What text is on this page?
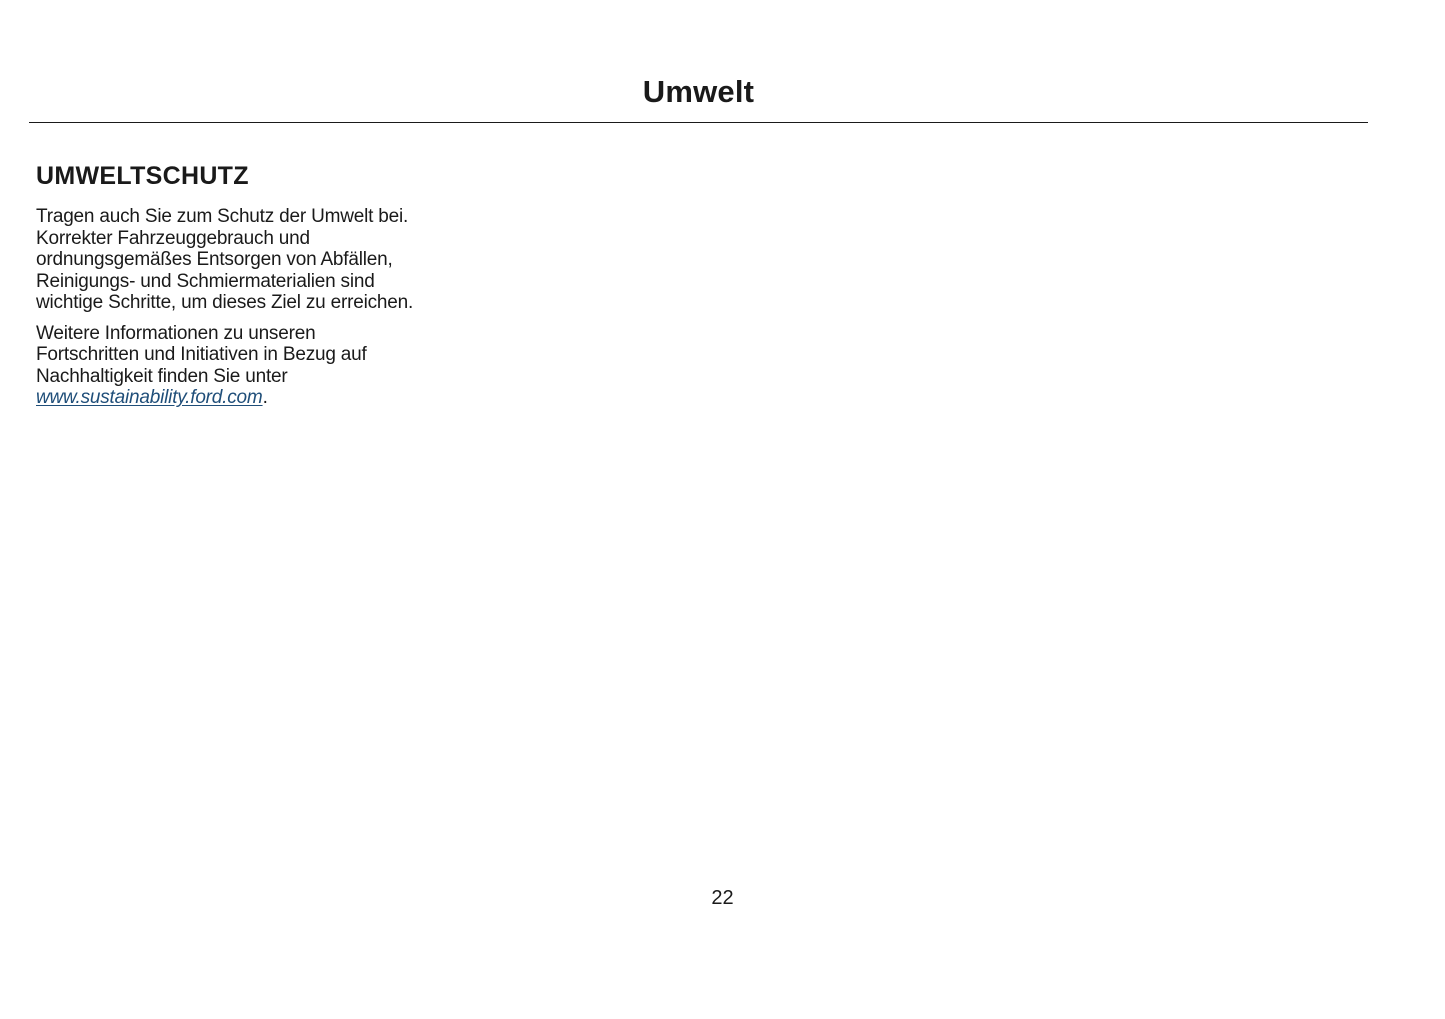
Umwelt
UMWELTSCHUTZ

Tragen auch Sie zum Schutz der Umwelt bei.
Korrekter Fahrzeuggebrauch und
ordnungsgemäßes Entsorgen von Abfällen,
Reinigungs- und Schmiermaterialien sind
wichtige Schritte, um dieses Ziel zu erreichen.

Weitere Informationen zu unseren
Fortschritten und Initiativen in Bezug auf
Nachhaltigkeit finden Sie unter
www.sustainability.ford.com.

22
